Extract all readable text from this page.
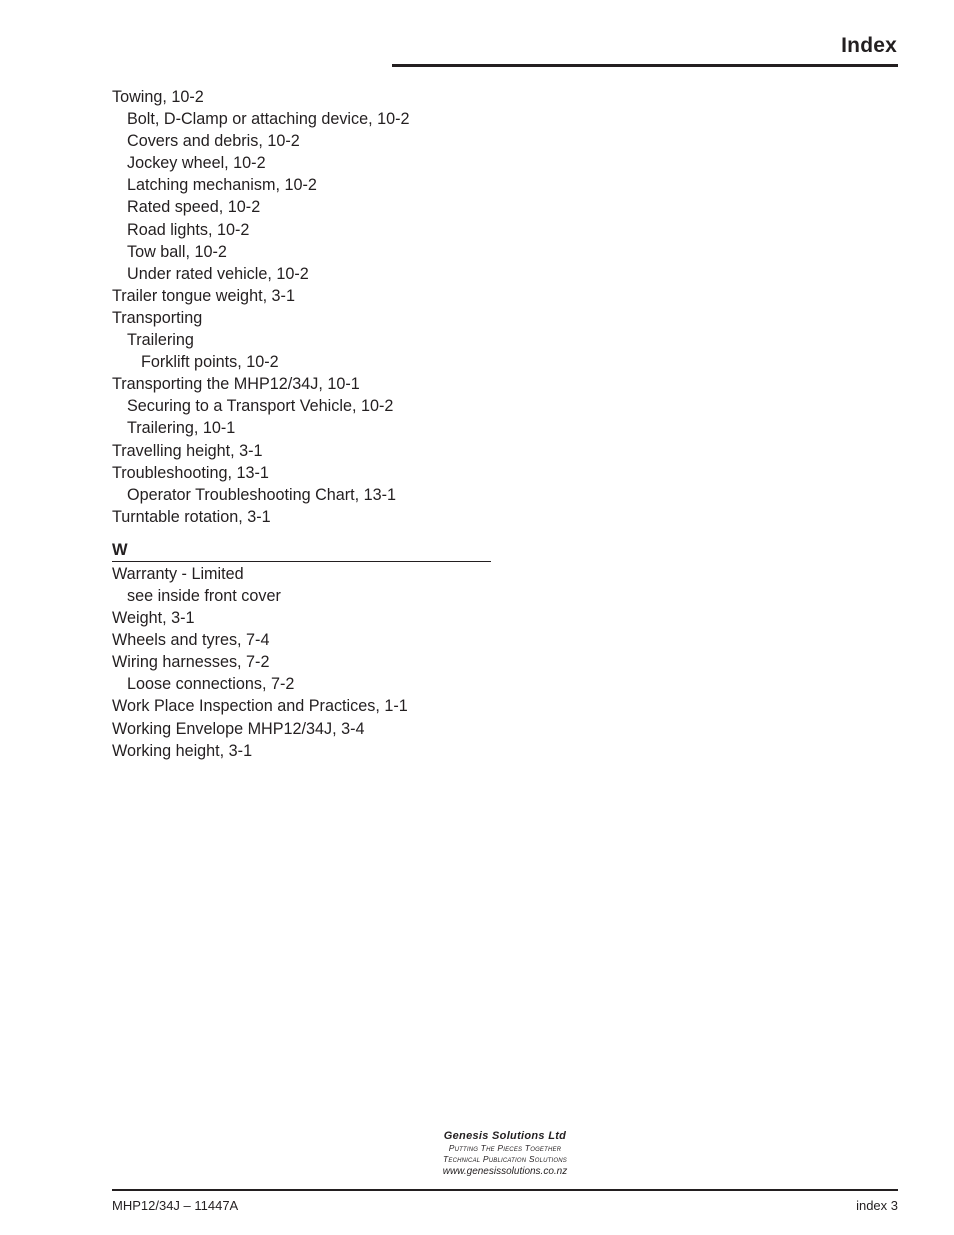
Index
Towing, 10-2
Bolt, D-Clamp or attaching device, 10-2
Covers and debris, 10-2
Jockey wheel, 10-2
Latching mechanism, 10-2
Rated speed, 10-2
Road lights, 10-2
Tow ball, 10-2
Under rated vehicle, 10-2
Trailer tongue weight, 3-1
Transporting
Trailering
Forklift points, 10-2
Transporting the MHP12/34J, 10-1
Securing to a Transport Vehicle, 10-2
Trailering, 10-1
Travelling height, 3-1
Troubleshooting, 13-1
Operator Troubleshooting Chart, 13-1
Turntable rotation, 3-1
W
Warranty - Limited
see inside front cover
Weight, 3-1
Wheels and tyres, 7-4
Wiring harnesses, 7-2
Loose connections, 7-2
Work Place Inspection and Practices, 1-1
Working Envelope MHP12/34J, 3-4
Working height, 3-1
Genesis Solutions Ltd
Putting The Pieces Together
Technical Publication Solutions
www.genesissolutions.co.nz
MHP12/34J – 11447A	index 3
